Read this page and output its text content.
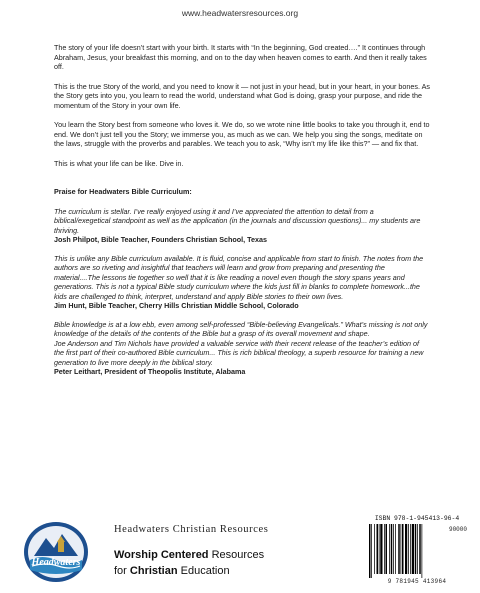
www.headwatersresources.org

The story of your life doesn’t start with your birth. It starts with “In the beginning, God created….” It continues through Abraham, Jesus, your breakfast this morning, and on to the day when heaven comes to earth. And then it really takes off.

This is the true Story of the world, and you need to know it — not just in your head, but in your heart, in your bones. As the Story gets into you, you learn to read the world, understand what God is doing, grasp your purpose, and ride the momentum of the Story in your own life.

You learn the Story best from someone who loves it. We do, so we wrote nine little books to take you through it, end to end. We don’t just tell you the Story; we immerse you, as much as we can. We help you sing the songs, meditate on the laws, struggle with the proverbs and parables. We teach you to ask, “Why isn’t my life like this?” — and fix that.

This is what your life can be like. Dive in.

Praise for Headwaters Bible Curriculum:

The curriculum is stellar. I’ve really enjoyed using it and I’ve appreciated the attention to detail from a biblical/exegetical standpoint as well as the application (in the journals and discussion questions)... my students are thriving.

Josh Philpot, Bible Teacher, Founders Christian School, Texas

This is unlike any Bible curriculum available. It is fluid, concise and applicable from start to finish. The notes from the authors are so riveting and insightful that teachers will learn and grow from preparing and presenting the material....The lessons tie together so well that it is like reading a novel even though the story spans years and generations. This is not a typical Bible study curriculum where the kids just fill in blanks to complete homework...the kids are challenged to think, interpret, understand and apply Bible stories to their own lives.

Jim Hunt, Bible Teacher, Cherry Hills Christian Middle School, Colorado

Bible knowledge is at a low ebb, even among self-professed “Bible-believing Evangelicals.” What’s missing is not only knowledge of the details of the contents of the Bible but a grasp of its overall movement and shape.

Joe Anderson and Tim Nichols have provided a valuable service with their recent release of the teacher’s edition of the first part of their co-authored Bible curriculum... This is rich biblical theology, a superb resource for training a new generation to live more deeply in the biblical story.

Peter Leithart, President of Theopolis Institute, Alabama

Headwaters
Headwaters Christian Resources
Worship Centered Resources
for Christian Education
ISBN 978-1-945413-96-4
90000
9 781945 413964
